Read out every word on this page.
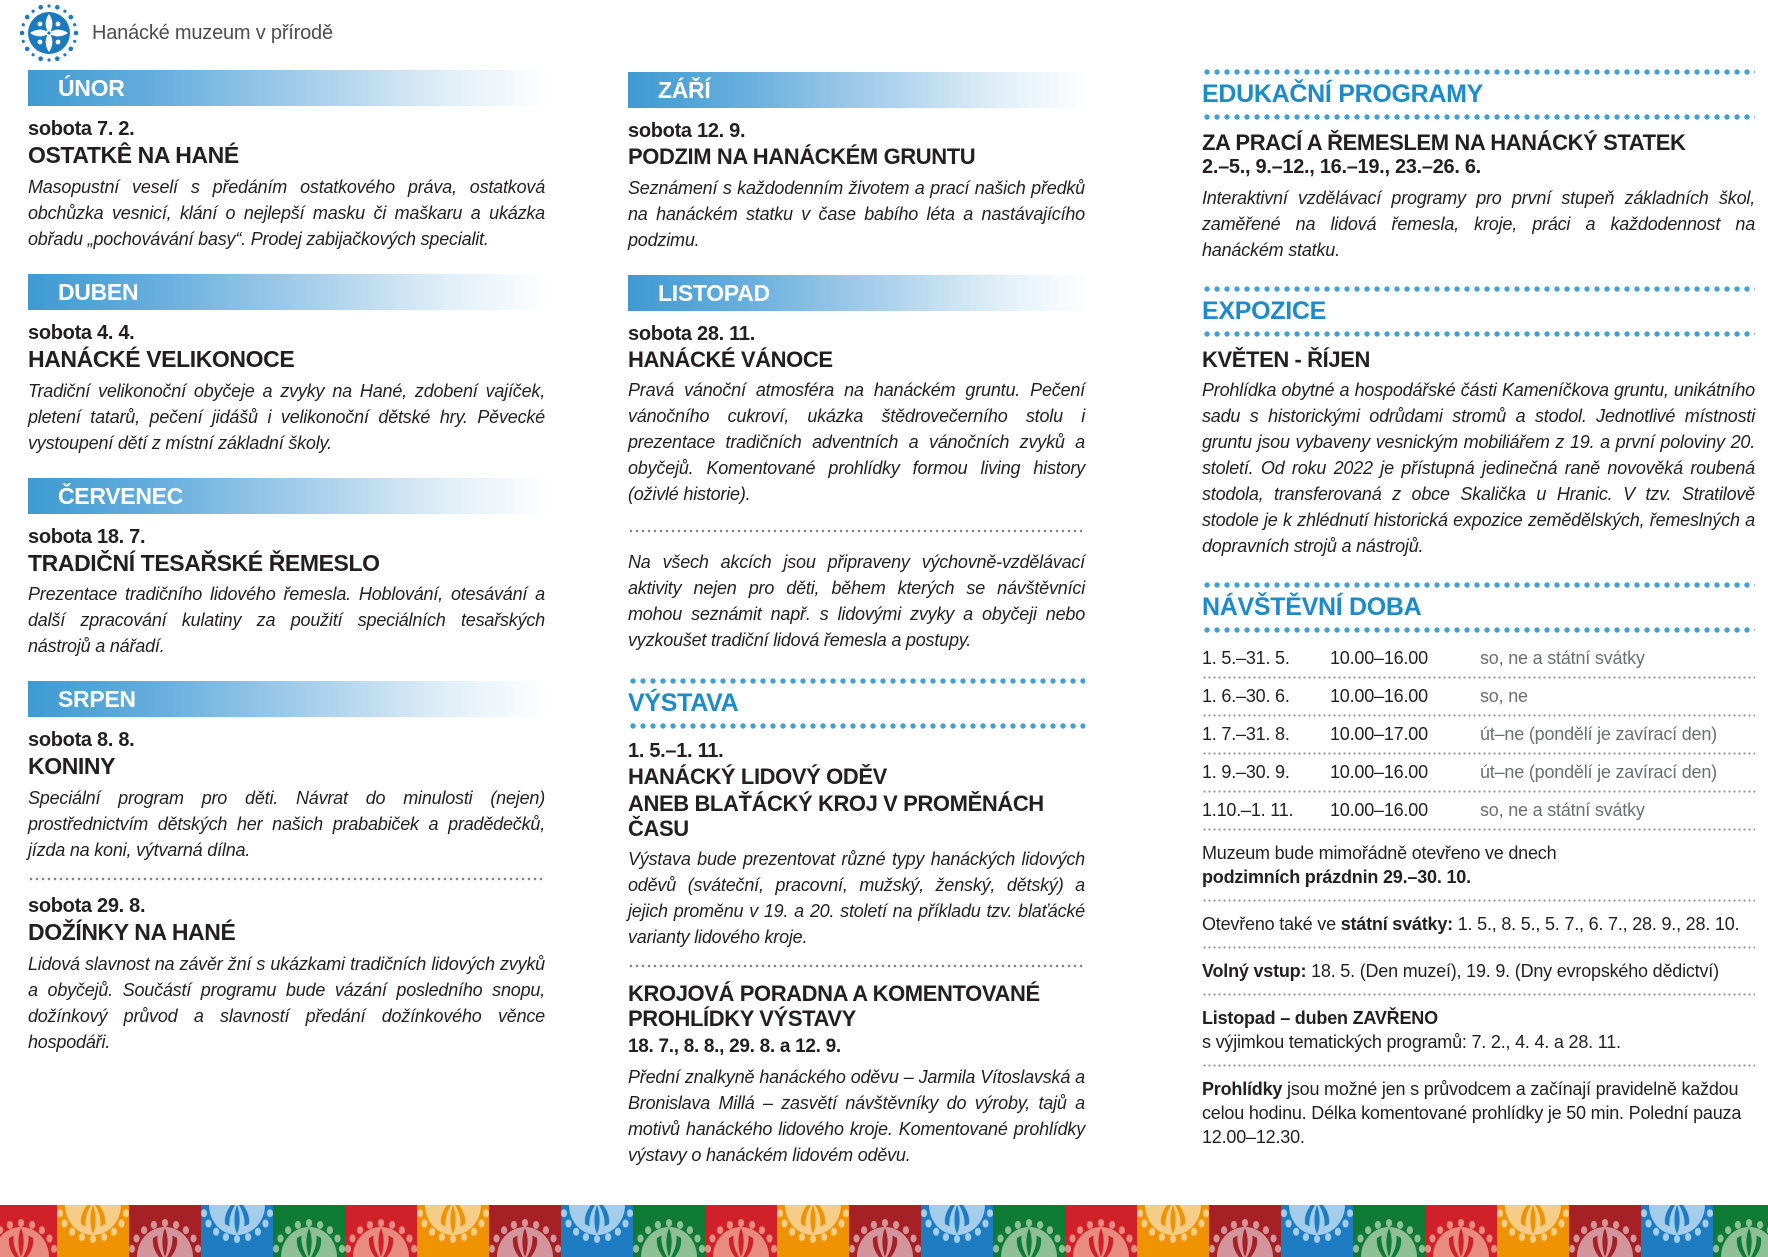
Hanácké muzeum v přírodě
ÚNOR
sobota 7. 2.
OSTATKÊ NA HANÉ

Masopustní veselí s předáním ostatkového práva, ostatková obchůzka vesnicí, klání o nejlepší masku či maškaru a ukázka obřadu „pochovávání basy“. Prodej zabijačkových specialit.

DUBEN
sobota 4. 4.
HANÁCKÉ VELIKONOCE

Tradiční velikonoční obyčeje a zvyky na Hané, zdobení vajíček, pletení tatarů, pečení jidášů i velikonoční dětské hry. Pěvecké vystoupení dětí z místní základní školy.

ČERVENEC
sobota 18. 7.
TRADIČNÍ TESAŘSKÉ ŘEMESLO

Prezentace tradičního lidového řemesla. Hoblování, otesávání a další zpracování kulatiny za použití speciálních tesařských nástrojů a nářadí.

SRPEN
sobota 8. 8.
KONINY

Speciální program pro děti. Návrat do minulosti (nejen) prostřednictvím dětských her našich prababiček a pradědečků, jízda na koni, výtvarná dílna.

sobota 29. 8.
DOŽÍNKY NA HANÉ

Lidová slavnost na závěr žní s ukázkami tradičních lidových zvyků a obyčejů. Součástí programu bude vázání posledního snopu, dožínkový průvod a slavností předání dožínkového věnce hospodáři.

ZÁŘÍ
sobota 12. 9.
PODZIM NA HANÁCKÉM GRUNTU

Seznámení s každodenním životem a prací našich předků na hanáckém statku v čase babího léta a nastávajícího podzimu.

LISTOPAD
sobota 28. 11.
HANÁCKÉ VÁNOCE

Pravá vánoční atmosféra na hanáckém gruntu. Pečení vánočního cukroví, ukázka štědrovečerního stolu i prezentace tradičních adventních a vánočních zvyků a obyčejů. Komentované prohlídky formou living history (oživlé historie).

Na všech akcích jsou připraveny výchovně-vzdělávací aktivity nejen pro děti, během kterých se návštěvníci mohou seznámit např. s lidovými zvyky a obyčeji nebo vyzkoušet tradiční lidová řemesla a postupy.

VÝSTAVA
1. 5.–1. 11.
HANÁCKÝ LIDOVÝ ODĚV
ANEB BLAŤÁCKÝ KROJ V PROMĚNÁCH ČASU

Výstava bude prezentovat různé typy hanáckých lidových oděvů (sváteční, pracovní, mužský, ženský, dětský) a jejich proměnu v 19. a 20. století na příkladu tzv. blaťácké varianty lidového kroje.

KROJOVÁ PORADNA A KOMENTOVANÉ PROHLÍDKY VÝSTAVY
18. 7., 8. 8., 29. 8. a 12. 9.

Přední znalkyně hanáckého oděvu – Jarmila Vítoslavská a Bronislava Millá – zasvětí návštěvníky do výroby, tajů a motivů hanáckého lidového kroje. Komentované prohlídky výstavy o hanáckém lidovém oděvu.

EDUKAČNÍ PROGRAMY
ZA PRACÍ A ŘEMESLEM NA HANÁCKÝ STATEK
2.–5., 9.–12., 16.–19., 23.–26. 6.

Interaktivní vzdělávací programy pro první stupeň základních škol, zaměřené na lidová řemesla, kroje, práci a každodennost na hanáckém statku.

EXPOZICE
KVĚTEN - ŘÍJEN

Prohlídka obytné a hospodářské části Kameníčkova gruntu, unikátního sadu s historickými odrůdami stromů a stodol. Jednotlivé místnosti gruntu jsou vybaveny vesnickým mobiliářem z 19. a první poloviny 20. století. Od roku 2022 je přístupná jedinečná raně novověká roubená stodola, transferovaná z obce Skalička u Hranic. V tzv. Stratilově stodole je k zhlédnutí historická expozice zemědělských, řemeslných a dopravních strojů a nástrojů.

NÁVŠTĚVNÍ DOBA
1. 5.–31. 5.	10.00–16.00	so, ne a státní svátky
1. 6.–30. 6.	10.00–16.00	so, ne
1. 7.–31. 8.	10.00–17.00	út–ne (pondělí je zavírací den)
1. 9.–30. 9.	10.00–16.00	út–ne (pondělí je zavírací den)
1.10.–1. 11.	10.00–16.00	so, ne a státní svátky

Muzeum bude mimořádně otevřeno ve dnech
podzimních prázdnin 29.–30. 10.

Otevřeno také ve státní svátky: 1. 5., 8. 5., 5. 7., 6. 7., 28. 9., 28. 10.

Volný vstup: 18. 5. (Den muzeí), 19. 9. (Dny evropského dědictví)

Listopad – duben ZAVŘENO
s výjimkou tematických programů: 7. 2., 4. 4. a 28. 11.

Prohlídky jsou možné jen s průvodcem a začínají pravidelně každou celou hodinu. Délka komentované prohlídky je 50 min. Polední pauza 12.00–12.30.
